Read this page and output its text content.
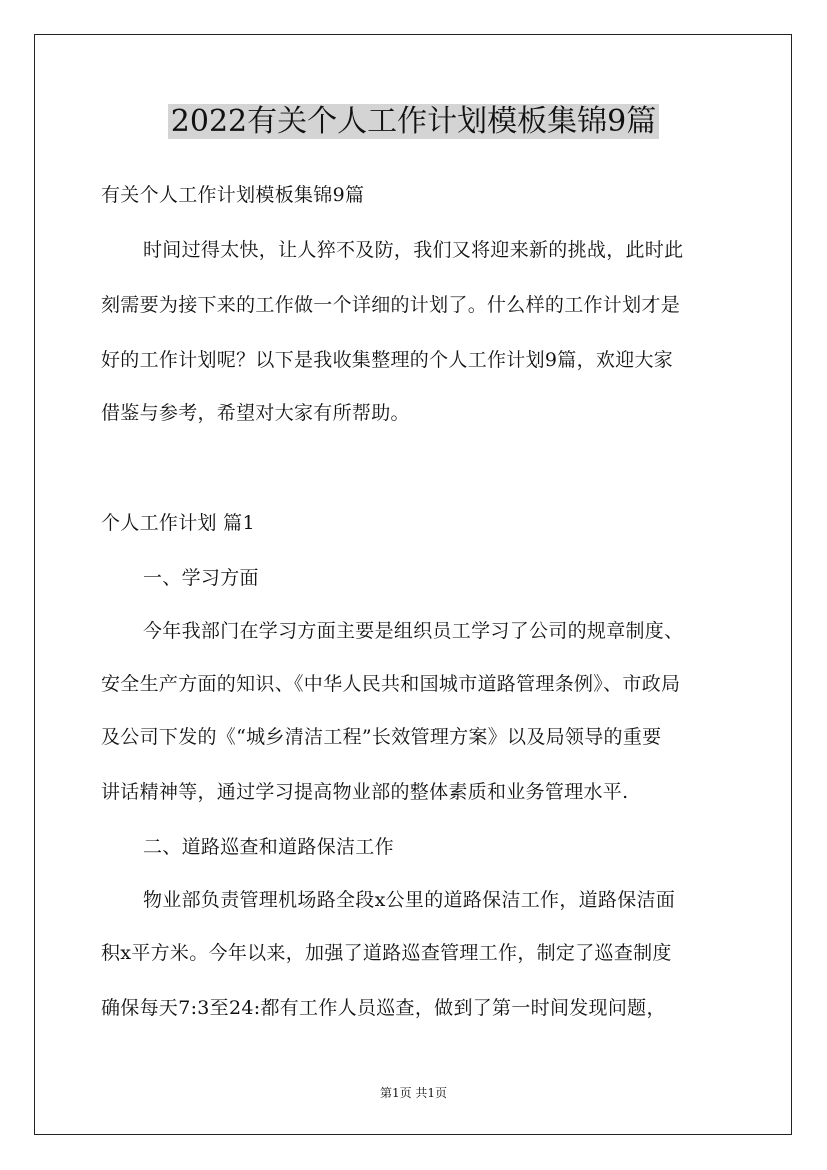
2022有关个人工作计划模板集锦9篇
有关个人工作计划模板集锦9篇
时间过得太快，让人猝不及防，我们又将迎来新的挑战，此时此
刻需要为接下来的工作做一个详细的计划了。什么样的工作计划才是
好的工作计划呢？以下是我收集整理的个人工作计划9篇，欢迎大家
借鉴与参考，希望对大家有所帮助。
个人工作计划 篇1
一、学习方面
今年我部门在学习方面主要是组织员工学习了公司的规章制度、
安全生产方面的知识、《中华人民共和国城市道路管理条例》、市政局
及公司下发的《“城乡清洁工程”长效管理方案》以及局领导的重要
讲话精神等，通过学习提高物业部的整体素质和业务管理水平.
二、道路巡查和道路保洁工作
物业部负责管理机场路全段x公里的道路保洁工作，道路保洁面
积x平方米。今年以来，加强了道路巡查管理工作，制定了巡查制度
确保每天7:3至24:都有工作人员巡查，做到了第一时间发现问题，
第1页 共1页
